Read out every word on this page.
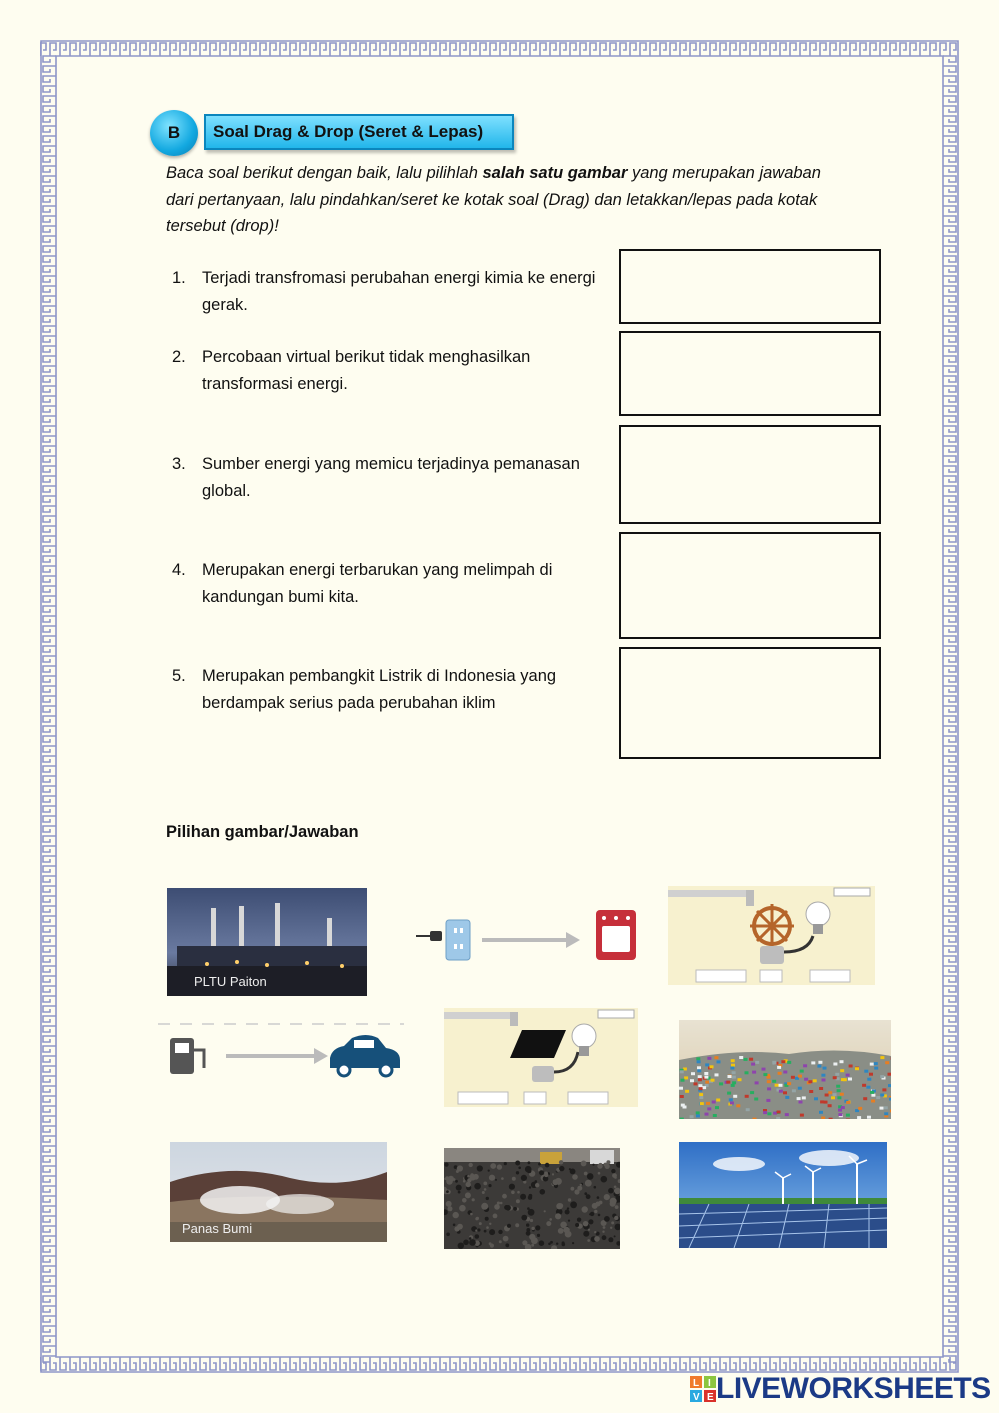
B Soal Drag & Drop (Seret & Lepas)
Baca soal berikut dengan baik, lalu pilihlah salah satu gambar yang merupakan jawaban dari pertanyaan, lalu pindahkan/seret ke kotak soal (Drag) dan letakkan/lepas pada kotak tersebut (drop)!
1. Terjadi transfromasi perubahan energi kimia ke energi gerak.
2. Percobaan virtual berikut tidak menghasilkan transformasi energi.
3. Sumber energi yang memicu terjadinya pemanasan global.
4. Merupakan energi terbarukan yang melimpah di kandungan bumi kita.
5. Merupakan pembangkit Listrik di Indonesia yang berdampak serius pada perubahan iklim
Pilihan gambar/Jawaban
PLTU Paiton
Panas Bumi
L I
V E LIVEWORKSHEETS
